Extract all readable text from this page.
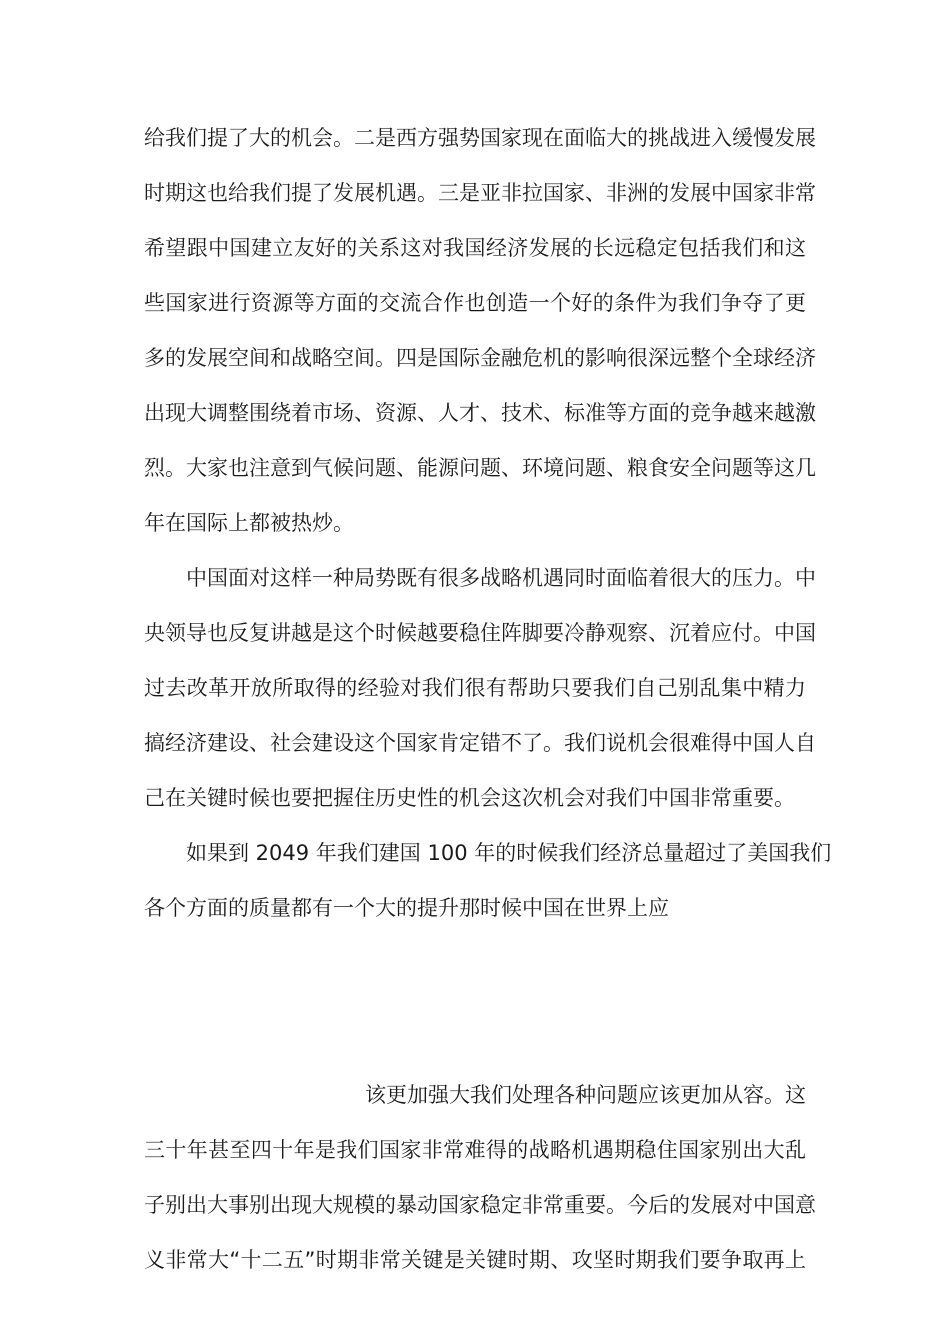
给我们提了大的机会。二是西方强势国家现在面临大的挑战进入缓慢发展
时期这也给我们提了发展机遇。三是亚非拉国家、非洲的发展中国家非常
希望跟中国建立友好的关系这对我国经济发展的长远稳定包括我们和这
些国家进行资源等方面的交流合作也创造一个好的条件为我们争夺了更
多的发展空间和战略空间。四是国际金融危机的影响很深远整个全球经济
出现大调整围绕着市场、资源、人才、技术、标准等方面的竞争越来越激
烈。大家也注意到气候问题、能源问题、环境问题、粮食安全问题等这几
年在国际上都被热炒。
中国面对这样一种局势既有很多战略机遇同时面临着很大的压力。中
央领导也反复讲越是这个时候越要稳住阵脚要冷静观察、沉着应付。中国
过去改革开放所取得的经验对我们很有帮助只要我们自己别乱集中精力
搞经济建设、社会建设这个国家肯定错不了。我们说机会很难得中国人自
己在关键时候也要把握住历史性的机会这次机会对我们中国非常重要。
如果到 2049 年我们建国 100 年的时候我们经济总量超过了美国我们
各个方面的质量都有一个大的提升那时候中国在世界上应
该更加强大我们处理各种问题应该更加从容。这
三十年甚至四十年是我们国家非常难得的战略机遇期稳住国家别出大乱
子别出大事别出现大规模的暴动国家稳定非常重要。今后的发展对中国意
义非常大“十二五”时期非常关键是关键时期、攻坚时期我们要争取再上
